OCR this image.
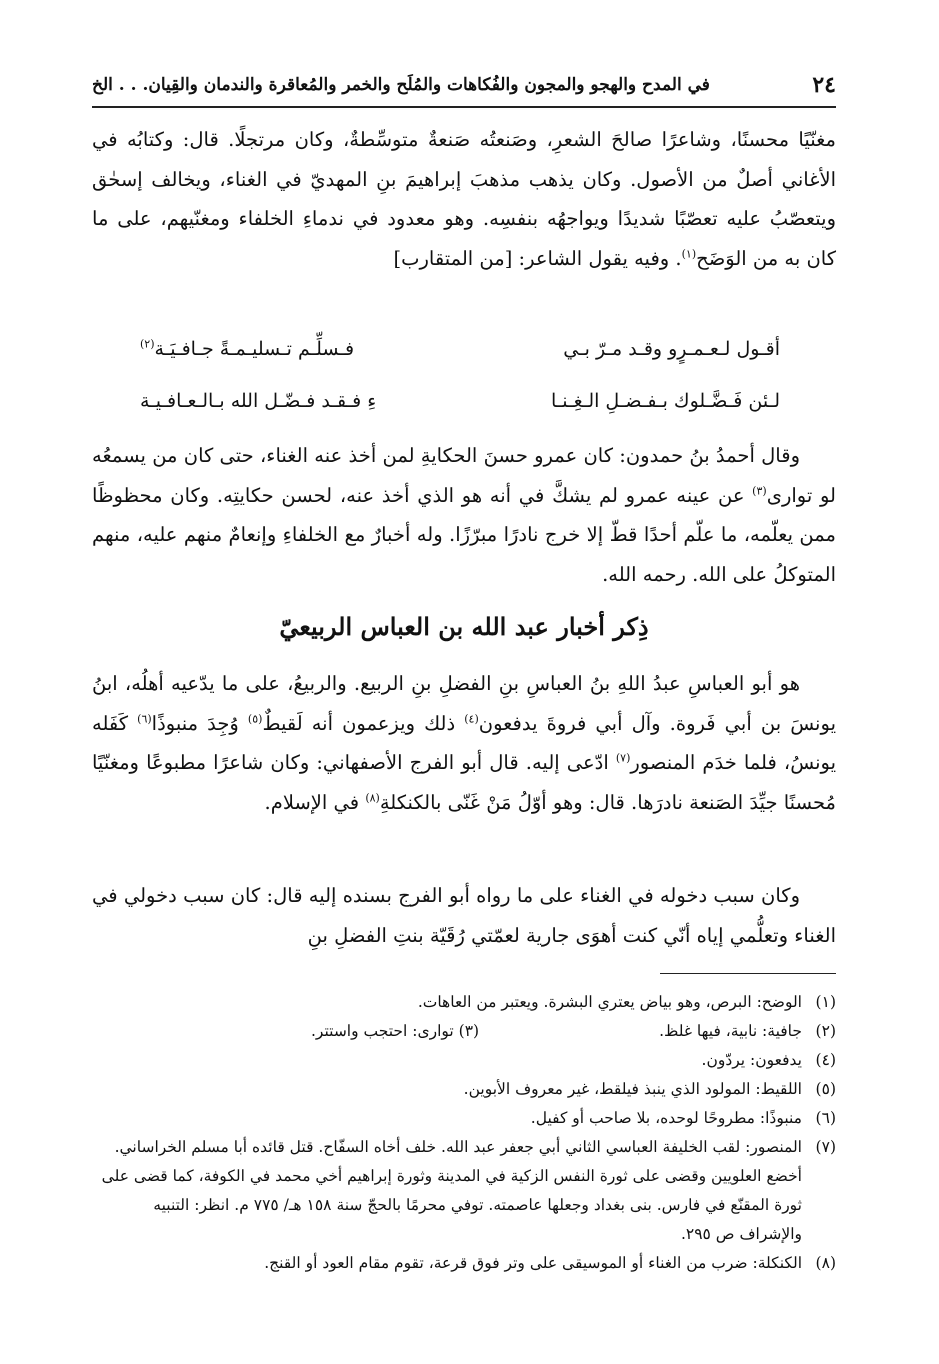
٢٤
في المدح والهجو والمجون والفُكاهات والمُلَح والخمر والمُعاقرة والندمان والقِيان. . . الخ

مغنّيًا محسنًا، وشاعرًا صالحَ الشعرِ، وصَنعتُه صَنعةٌ متوسِّطةٌ، وكان مرتجلًا. قال: وكتابُه في الأغاني أصلٌ من الأصول. وكان يذهب مذهبَ إبراهيمَ بنِ المهديّ في الغناء، ويخالف إسحٰق ويتعصّبُ عليه تعصّبًا شديدًا ويواجهُه بنفسِه. وهو معدود في ندماءِ الخلفاء ومغنّيهم، على ما كان به من الوَضَح$^{(١)}$. وفيه يقول الشاعر: [من المتقارب]

أقـول لـعـمـرٍو وقـد مـرّ بـي
فـسلِّـم تـسليـمـةً جـافـيَـة$^{(٢)}$
لـئن فَـضَّـلوك بـفـضـلِ الـغِـنـا
ءِ فـقـد فـضّـل الله بـالـعـافـيـة

وقال أحمدُ بنُ حمدون: كان عمرو حسنَ الحكايةِ لمن أخذ عنه الغناء، حتى كان من يسمعُه لو توارى$^{(٣)}$ عن عينه عمرو لم يشكَّ في أنه هو الذي أخذ عنه، لحسن حكايتِه. وكان محظوظًا ممن يعلّمه، ما علّم أحدًا قطّ إلا خرج نادرًا مبرّزًا. وله أخبارٌ مع الخلفاءِ وإنعامٌ منهم عليه، منهم المتوكلُ على الله. رحمه الله.

ذِكر أخبار عبد الله بن العباس الربيعيّ

هو أبو العباسِ عبدُ اللهِ بنُ العباسِ بنِ الفضلِ بنِ الربيع. والربيعُ، على ما يدّعيه أهلُه، ابنُ يونسَ بن أبي فَروة. وآل أبي فروةَ يدفعون$^{(٤)}$ ذلك ويزعمون أنه لَقيطٌ$^{(٥)}$ وُجِدَ منبوذًا$^{(٦)}$ كَفَله يونسُ، فلما خدَم المنصور$^{(٧)}$ ادّعى إليه. قال أبو الفرج الأصفهاني: وكان شاعرًا مطبوعًا ومغنّيًا مُحسنًا جيِّدَ الصَنعة نادرَها. قال: وهو أوّلُ مَنْ غَنّى بالكنكلةِ$^{(٨)}$ في الإسلام.

وكان سبب دخوله في الغناء على ما رواه أبو الفرج بسنده إليه قال: كان سبب دخولي في الغناء وتعلُّمي إياه أنّي كنت أهوَى جارية لعمّتي رُقَيّة بنتِ الفضلِ بنِ

(١)
الوضح: البرص، وهو بياض يعتري البشرة. ويعتبر من العاهات.

(٢)
جافية: نابية، فيها غلظ.(٣) توارى: احتجب واستتر.

(٤)
يدفعون: يردّون.

(٥)
اللقيط: المولود الذي ينبذ فيلقط، غير معروف الأبوين.

(٦)
منبوذًا: مطروحًا لوحده، بلا صاحب أو كفيل.

(٧)
المنصور: لقب الخليفة العباسي الثاني أبي جعفر عبد الله. خلف أخاه السفّاح. قتل قائده أبا مسلم الخراساني. أخضع العلويين وقضى على ثورة النفس الزكية في المدينة وثورة إبراهيم أخي محمد في الكوفة، كما قضى على ثورة المقنّع في فارس. بنى بغداد وجعلها عاصمته. توفي محرمًا بالحجّ سنة ١٥٨ هـ/ ٧٧٥ م. انظر: التنبيه والإشراف ص ٢٩٥.

(٨)
الكنكلة: ضرب من الغناء أو الموسيقى على وتر فوق قرعة، تقوم مقام العود أو القنج.
